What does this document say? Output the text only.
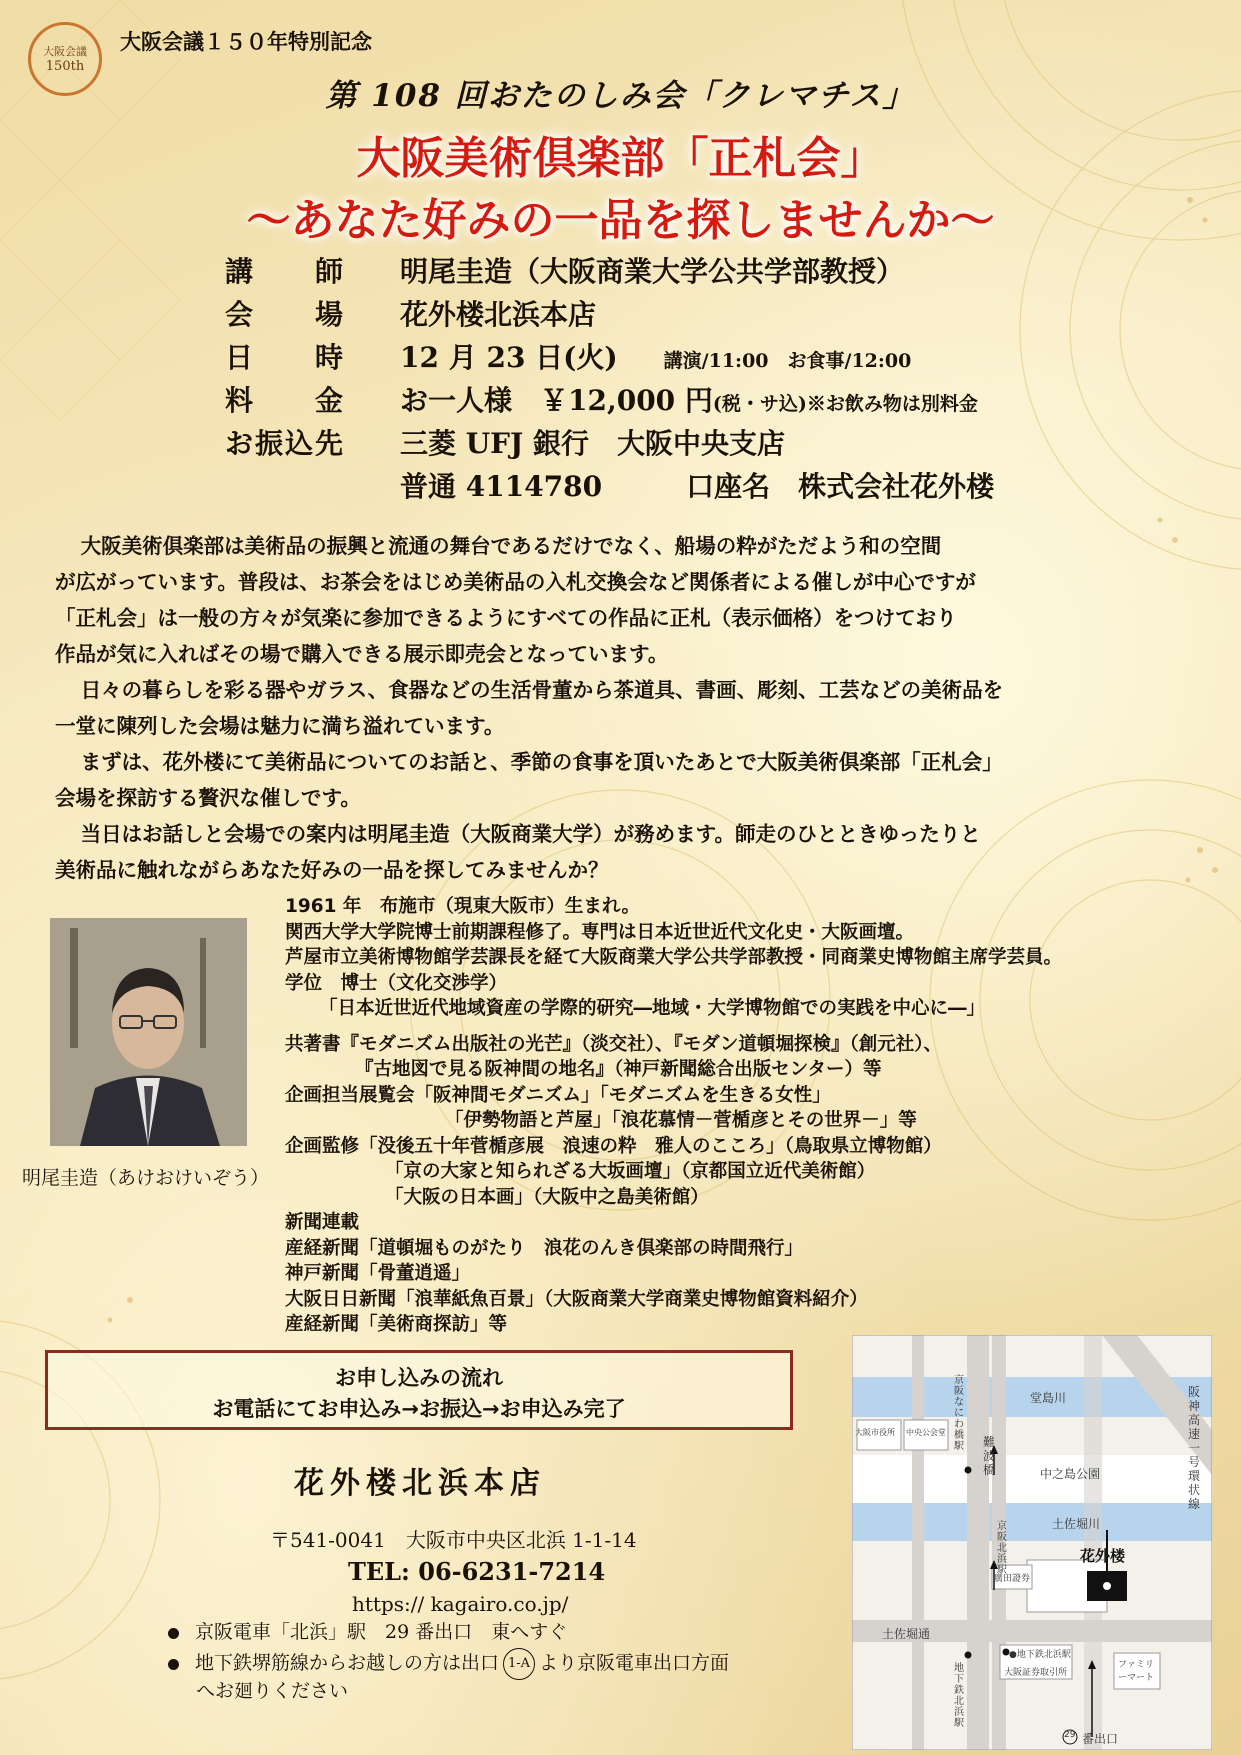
大阪会議
150th
大阪会議１５０年特別記念
第 108 回おたのしみ会「クレマチス」
大阪美術倶楽部「正札会」
～あなた好みの一品を探しませんか～
講　　師	明尾圭造（大阪商業大学公共学部教授）
会　　場	花外楼北浜本店
日　　時	12 月 23 日(火) 講演/11:00　お食事/12:00
料　　金	お一人様　￥12,000 円(税・サ込)※お飲み物は別料金
お振込先	三菱 UFJ 銀行　大阪中央支店
普通 4114780　　　口座名　株式会社花外楼

大阪美術倶楽部は美術品の振興と流通の舞台であるだけでなく、船場の粋がただよう和の空間

が広がっています。普段は、お茶会をはじめ美術品の入札交換会など関係者による催しが中心ですが

「正札会」は一般の方々が気楽に参加できるようにすべての作品に正札（表示価格）をつけており

作品が気に入ればその場で購入できる展示即売会となっています。

日々の暮らしを彩る器やガラス、食器などの生活骨董から茶道具、書画、彫刻、工芸などの美術品を

一堂に陳列した会場は魅力に満ち溢れています。

まずは、花外楼にて美術品についてのお話と、季節の食事を頂いたあとで大阪美術倶楽部「正札会」

会場を探訪する贅沢な催しです。

当日はお話しと会場での案内は明尾圭造（大阪商業大学）が務めます。師走のひとときゆったりと

美術品に触れながらあなた好みの一品を探してみませんか？

明尾圭造（あけおけいぞう）
1961 年　布施市（現東大阪市）生まれ。
関西大学大学院博士前期課程修了。専門は日本近世近代文化史・大阪画壇。
芦屋市立美術博物館学芸課長を経て大阪商業大学公共学部教授・同商業史博物館主席学芸員。
学位　博士（文化交渉学）
「日本近世近代地域資産の学際的研究―地域・大学博物館での実践を中心に―」
共著書『モダニズム出版社の光芒』（淡交社）、『モダン道頓堀探検』（創元社）、
『古地図で見る阪神間の地名』（神戸新聞総合出版センター）等
企画担当展覧会「阪神間モダニズム」「モダニズムを生きる女性」
「伊勢物語と芦屋」「浪花慕情－菅楯彦とその世界－」等
企画監修「没後五十年菅楯彦展　浪速の粋　雅人のこころ」（鳥取県立博物館）
「京の大家と知られざる大坂画壇」（京都国立近代美術館）
「大阪の日本画」（大阪中之島美術館）
新聞連載
産経新聞「道頓堀ものがたり　浪花のんき倶楽部の時間飛行」
神戸新聞「骨董逍遥」
大阪日日新聞「浪華紙魚百景」（大阪商業大学商業史博物館資料紹介）
産経新聞「美術商探訪」等
お申し込みの流れ
お電話にてお申込み→お振込→お申込み完了
花外楼北浜本店
〒541-0041　大阪市中央区北浜 1-1-14
TEL: 06-6231-7214
https:// kagairo.co.jp/
京阪電車「北浜」駅　29 番出口　東へすぐ
地下鉄堺筋線からお越しの方は出口 1-A より京阪電車出口方面
へお廻りください
堂島川
中之島公園
土佐堀川
土佐堀通
大阪市役所 中央公会堂
花外楼
廣田證券
●地下鉄北浜駅
大阪証券取引所
ファミリーマート
29 番出口
京阪なにわ橋駅 難波橋
京阪北浜駅
地下鉄北浜駅
阪神高速一号環状線
